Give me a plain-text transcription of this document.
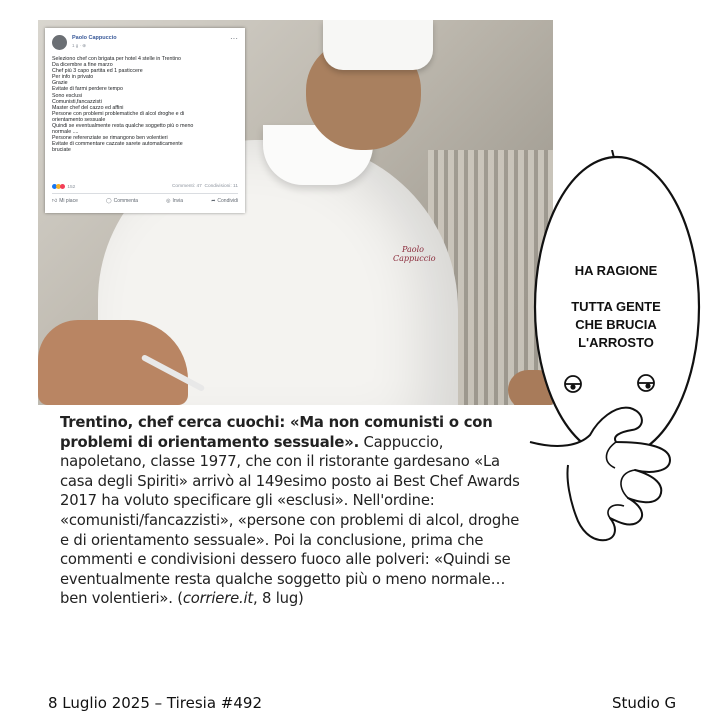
Paolo Cappuccio
Paolo Cappuccio
1 g · ⊕
···
Seleziono chef con brigata per hotel 4 stelle in Trentino
Da dicembre a fine marzo
Chef più 3 capo partita ed 1 pasticcere
Per info in privato
Grazie
Evitate di farmi perdere tempo
Sono esclusi
Comunisti,fancazzisti
Master chef del cazzo ed affini
Persone con problemi problematiche di alcol droghe e di
orientamento sessuale
Quindi se eventualmente resta qualche soggetto più o meno
normale ....
Persone referenziate se rimangono ben volentieri
Evitate di commentare cazzate sarete automaticamente
bruciate
152	Commenti: 47 Condivisioni: 11
👍︎ Mi piace	◯ Commenta	◎ Invia	➦ Condividi
Trentino, chef cerca cuochi: «Ma non comunisti o con problemi di orientamento sessuale». Cappuccio, napoletano, classe 1977, che con il ristorante gardesano «La casa degli Spiriti» arrivò al 149esimo posto ai Best Chef Awards 2017 ha voluto specificare gli «esclusi». Nell'ordine: «comunisti/fancazzisti», «persone con problemi di alcol, droghe e di orientamento sessuale». Poi la conclusione, prima che commenti e condivisioni dessero fuoco alle polveri: «Quindi se eventualmente resta qualche soggetto più o meno normale… ben volentieri». (corriere.it, 8 lug)
HA RAGIONE

TUTTA GENTE
CHE BRUCIA
L'ARROSTO
8 Luglio 2025 – Tiresia #492	Studio G
